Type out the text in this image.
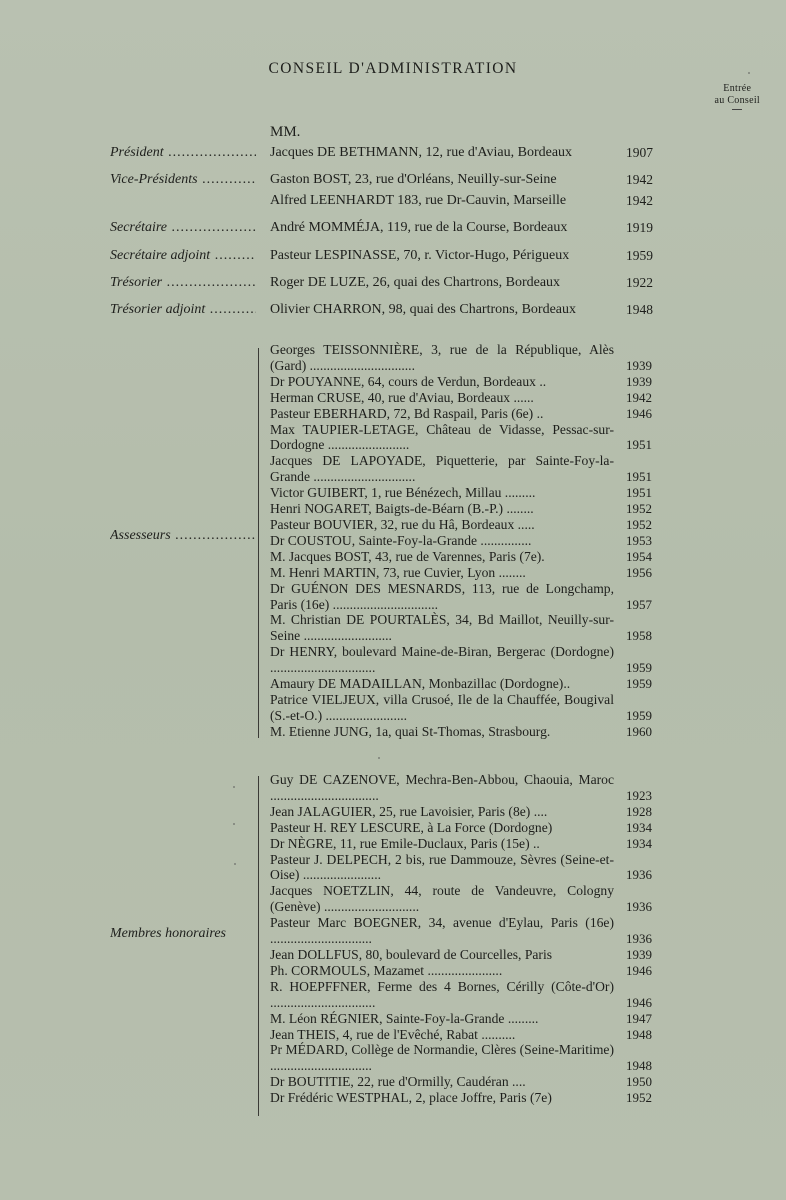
CONSEIL D'ADMINISTRATION
Entrée
au Conseil
MM.
Président .....	Jacques DE BETHMANN, 12, rue d'Aviau, Bordeaux	1907
Vice-Présidents .....	Gaston BOST, 23, rue d'Orléans, Neuilly-sur-Seine	1942
Alfred LEENHARDT 183, rue Dr-Cauvin, Marseille	1942
Secrétaire .....	André MOMMÉJA, 119, rue de la Course, Bordeaux	1919
Secrétaire adjoint .....	Pasteur LESPINASSE, 70, r. Victor-Hugo, Périgueux	1959
Trésorier .....	Roger DE LUZE, 26, quai des Chartrons, Bordeaux	1922
Trésorier adjoint .....	Olivier CHARRON, 98, quai des Chartrons, Bordeaux	1948
Assesseurs .....
Georges TEISSONNIÈRE, 3, rue de la République, Alès (Gard) ...............................	1939
Dr POUYANNE, 64, cours de Verdun, Bordeaux ..	1939
Herman CRUSE, 40, rue d'Aviau, Bordeaux ......	1942
Pasteur EBERHARD, 72, Bd Raspail, Paris (6e) ..	1946
Max TAUPIER-LETAGE, Château de Vidasse, Pessac-sur-Dordogne ........................	1951
Jacques DE LAPOYADE, Piquetterie, par Sainte-Foy-la-Grande ..............................	1951
Victor GUIBERT, 1, rue Bénézech, Millau .........	1951
Henri NOGARET, Baigts-de-Béarn (B.-P.) ........	1952
Pasteur BOUVIER, 32, rue du Hâ, Bordeaux .....	1952
Dr COUSTOU, Sainte-Foy-la-Grande ...............	1953
M. Jacques BOST, 43, rue de Varennes, Paris (7e).	1954
M. Henri MARTIN, 73, rue Cuvier, Lyon ........	1956
Dr GUÉNON DES MESNARDS, 113, rue de Longchamp, Paris (16e) ...............................	1957
M. Christian DE POURTALÈS, 34, Bd Maillot, Neuilly-sur-Seine ..........................	1958
Dr HENRY, boulevard Maine-de-Biran, Bergerac (Dordogne) ...............................	1959
Amaury DE MADAILLAN, Monbazillac (Dordogne)..	1959
Patrice VIELJEUX, villa Crusoé, Ile de la Chauffée, Bougival (S.-et-O.) ........................	1959
M. Etienne JUNG, 1a, quai St-Thomas, Strasbourg.	1960
Membres honoraires
Guy DE CAZENOVE, Mechra-Ben-Abbou, Chaouia, Maroc ................................	1923
Jean JALAGUIER, 25, rue Lavoisier, Paris (8e) ....	1928
Pasteur H. REY LESCURE, à La Force (Dordogne)	1934
Dr NÈGRE, 11, rue Emile-Duclaux, Paris (15e) ..	1934
Pasteur J. DELPECH, 2 bis, rue Dammouze, Sèvres (Seine-et-Oise) .......................	1936
Jacques NOETZLIN, 44, route de Vandeuvre, Cologny (Genève) ............................	1936
Pasteur Marc BOEGNER, 34, avenue d'Eylau, Paris (16e) ..............................	1936
Jean DOLLFUS, 80, boulevard de Courcelles, Paris	1939
Ph. CORMOULS, Mazamet ......................	1946
R. HOEPFFNER, Ferme des 4 Bornes, Cérilly (Côte-d'Or) ...............................	1946
M. Léon RÉGNIER, Sainte-Foy-la-Grande .........	1947
Jean THEIS, 4, rue de l'Evêché, Rabat ..........	1948
Pr MÉDARD, Collège de Normandie, Clères (Seine-Maritime) ..............................	1948
Dr BOUTITIE, 22, rue d'Ormilly, Caudéran ....	1950
Dr Frédéric WESTPHAL, 2, place Joffre, Paris (7e)	1952
